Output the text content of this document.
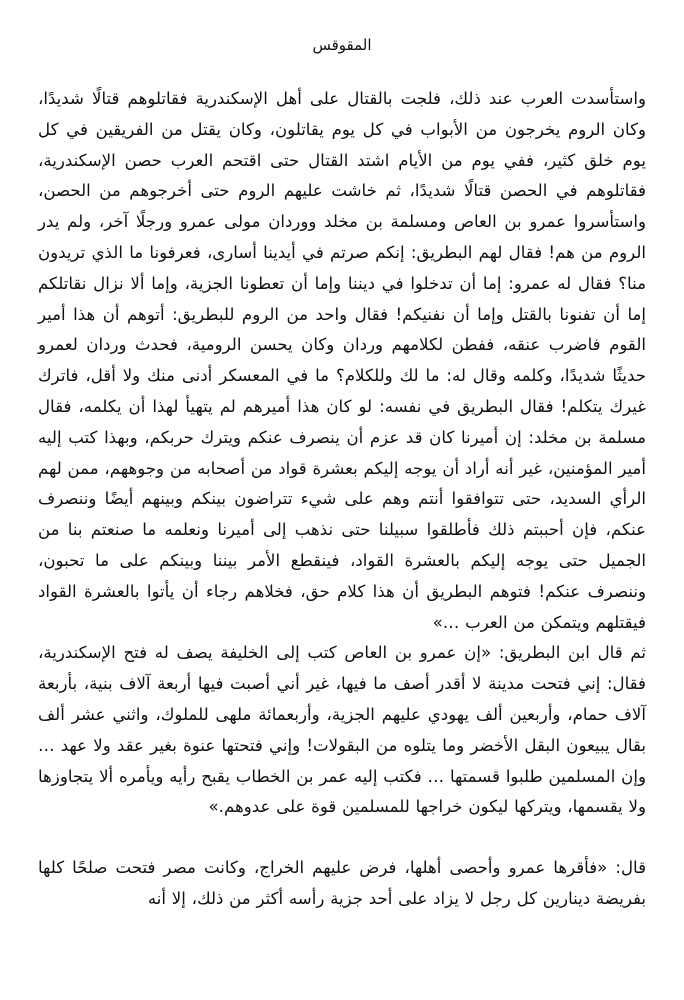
المقوقس

واستأسدت العرب عند ذلك، فلجت بالقتال على أهل الإسكندرية فقاتلوهم قتالًا شديدًا، وكان الروم يخرجون من الأبواب في كل يوم يقاتلون، وكان يقتل من الفريقين في كل يوم خلق كثير، ففي يوم من الأيام اشتد القتال حتى اقتحم العرب حصن الإسكندرية، فقاتلوهم في الحصن قتالًا شديدًا، ثم خاشت عليهم الروم حتى أخرجوهم من الحصن، واستأسروا عمرو بن العاص ومسلمة بن مخلد ووردان مولى عمرو ورجلًا آخر، ولم يدر الروم من هم! فقال لهم البطريق: إنكم صرتم في أيدينا أسارى، فعرفونا ما الذي تريدون منا؟ فقال له عمرو: إما أن تدخلوا في ديننا وإما أن تعطونا الجزية، وإما ألا نزال نقاتلكم إما أن تفنونا بالقتل وإما أن نفنيكم! فقال واحد من الروم للبطريق: أتوهم أن هذا أمير القوم فاضرب عنقه، ففطن لكلامهم وردان وكان يحسن الرومية، فحدث وردان لعمرو حديثًا شديدًا، وكلمه وقال له: ما لك وللكلام؟ ما في المعسكر أدنى منك ولا أقل، فاترك غيرك يتكلم! فقال البطريق في نفسه: لو كان هذا أميرهم لم يتهيأ لهذا أن يكلمه، فقال مسلمة بن مخلد: إن أميرنا كان قد عزم أن ينصرف عنكم ويترك حربكم، وبهذا كتب إليه أمير المؤمنين، غير أنه أراد أن يوجه إليكم بعشرة قواد من أصحابه من وجوههم، ممن لهم الرأي السديد، حتى تتوافقوا أنتم وهم على شيء تتراضون بينكم وبينهم أيضًا وننصرف عنكم، فإن أحببتم ذلك فأطلقوا سبيلنا حتى نذهب إلى أميرنا ونعلمه ما صنعتم بنا من الجميل حتى يوجه إليكم بالعشرة القواد، فينقطع الأمر بيننا وبينكم على ما تحبون، وننصرف عنكم! فتوهم البطريق أن هذا كلام حق، فخلاهم رجاء أن يأتوا بالعشرة القواد فيقتلهم ويتمكن من العرب …»

ثم قال ابن البطريق: «إن عمرو بن العاص كتب إلى الخليفة يصف له فتح الإسكندرية، فقال: إني فتحت مدينة لا أقدر أصف ما فيها، غير أني أصبت فيها أربعة آلاف بنية، بأربعة آلاف حمام، وأربعين ألف يهودي عليهم الجزية، وأربعمائة ملهى للملوك، واثني عشر ألف بقال يبيعون البقل الأخضر وما يتلوه من البقولات! وإني فتحتها عنوة بغير عقد ولا عهد … وإن المسلمين طلبوا قسمتها … فكتب إليه عمر بن الخطاب يقبح رأيه ويأمره ألا يتجاوزها ولا يقسمها، ويتركها ليكون خراجها للمسلمين قوة على عدوهم.»

قال: «فأقرها عمرو وأحصى أهلها، فرض عليهم الخراج، وكانت مصر فتحت صلحًا كلها بفريضة دينارين كل رجل لا يزاد على أحد جزية رأسه أكثر من ذلك، إلا أنه
